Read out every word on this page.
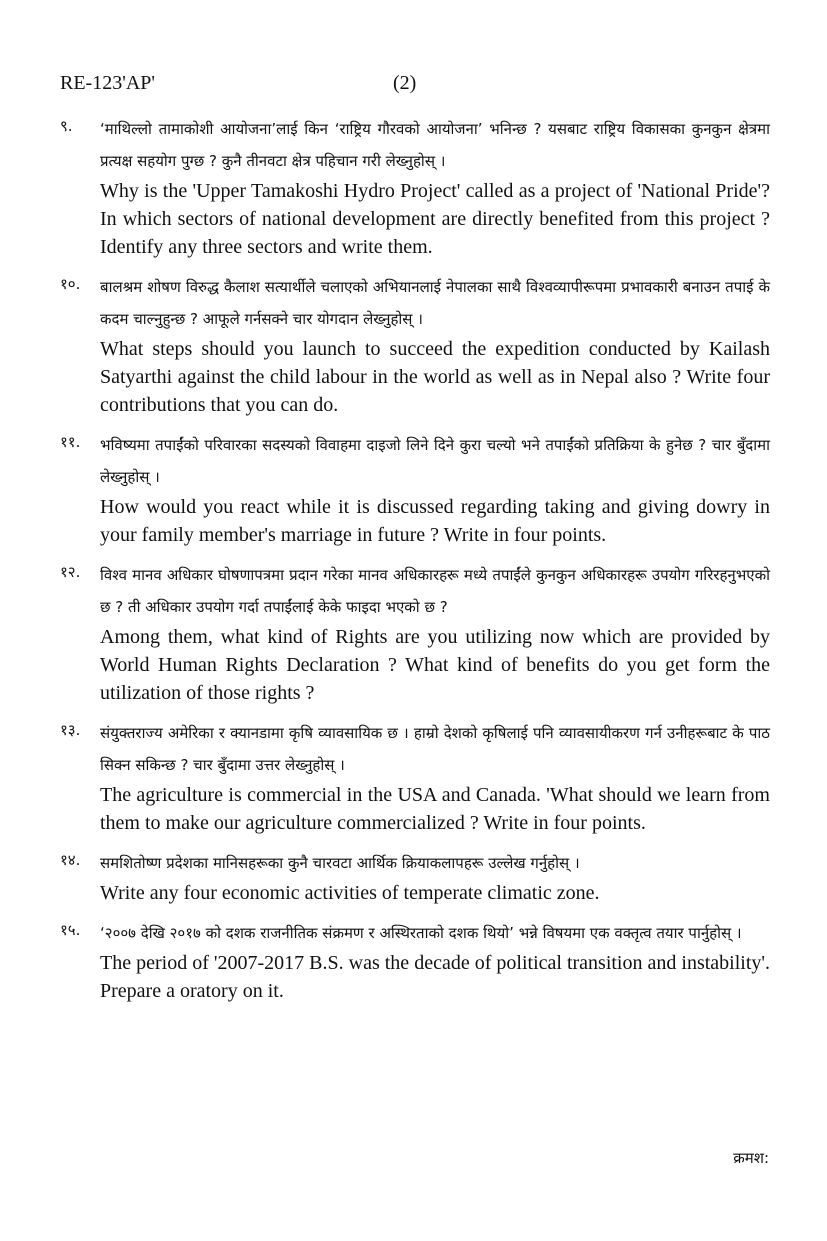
RE-123'AP'	(2)
९. ‘माथिल्लो तामाकोशी आयोजना’लाई किन ‘राष्ट्रिय गौरवको आयोजना’ भनिन्छ ? यसबाट राष्ट्रिय विकासका कुनकुन क्षेत्रमा प्रत्यक्ष सहयोग पुग्छ ? कुनै तीनवटा क्षेत्र पहिचान गरी लेख्नुहोस् ।

Why is the 'Upper Tamakoshi Hydro Project' called as a project of 'National Pride'? In which sectors of national development are directly benefited from this project ? Identify any three sectors and write them.

१०. बालश्रम शोषण विरुद्ध कैलाश सत्यार्थीले चलाएको अभियानलाई नेपालका साथै विश्वव्यापीरूपमा प्रभावकारी बनाउन तपाई के कदम चाल्नुहुन्छ ? आफूले गर्नसक्ने चार योगदान लेख्नुहोस् ।

What steps should you launch to succeed the expedition conducted by Kailash Satyarthi against the child labour in the world as well as in Nepal also ? Write four contributions that you can do.

११. भविष्यमा तपाईंको परिवारका सदस्यको विवाहमा दाइजो लिने दिने कुरा चल्यो भने तपाईंको प्रतिक्रिया के हुनेछ ? चार बुँदामा लेख्नुहोस् ।

How would you react while it is discussed regarding taking and giving dowry in your family member's marriage in future ? Write in four points.

१२. विश्व मानव अधिकार घोषणापत्रमा प्रदान गरेका मानव अधिकारहरू मध्ये तपाईंले कुनकुन अधिकारहरू उपयोग गरिरहनुभएको छ ? ती अधिकार उपयोग गर्दा तपाईंलाई केके फाइदा भएको छ ?

Among them, what kind of Rights are you utilizing now which are provided by World Human Rights Declaration ? What kind of benefits do you get form the utilization of those rights ?

१३. संयुक्तराज्य अमेरिका र क्यानडामा कृषि व्यावसायिक छ । हाम्रो देशको कृषिलाई पनि व्यावसायीकरण गर्न उनीहरूबाट के पाठ सिक्न सकिन्छ ? चार बुँदामा उत्तर लेख्नुहोस् ।

The agriculture is commercial in the USA and Canada. 'What should we learn from them to make our agriculture commercialized ? Write in four points.

१४. समशितोष्ण प्रदेशका मानिसहरूका कुनै चारवटा आर्थिक क्रियाकलापहरू उल्लेख गर्नुहोस् ।

Write any four economic activities of temperate climatic zone.

१५. ‘२००७ देखि २०१७ को दशक राजनीतिक संक्रमण र अस्थिरताको दशक थियो’ भन्ने विषयमा एक वक्तृत्व तयार पार्नुहोस् ।

The period of '2007-2017 B.S. was the decade of political transition and instability'. Prepare a oratory on it.

क्रमश:
